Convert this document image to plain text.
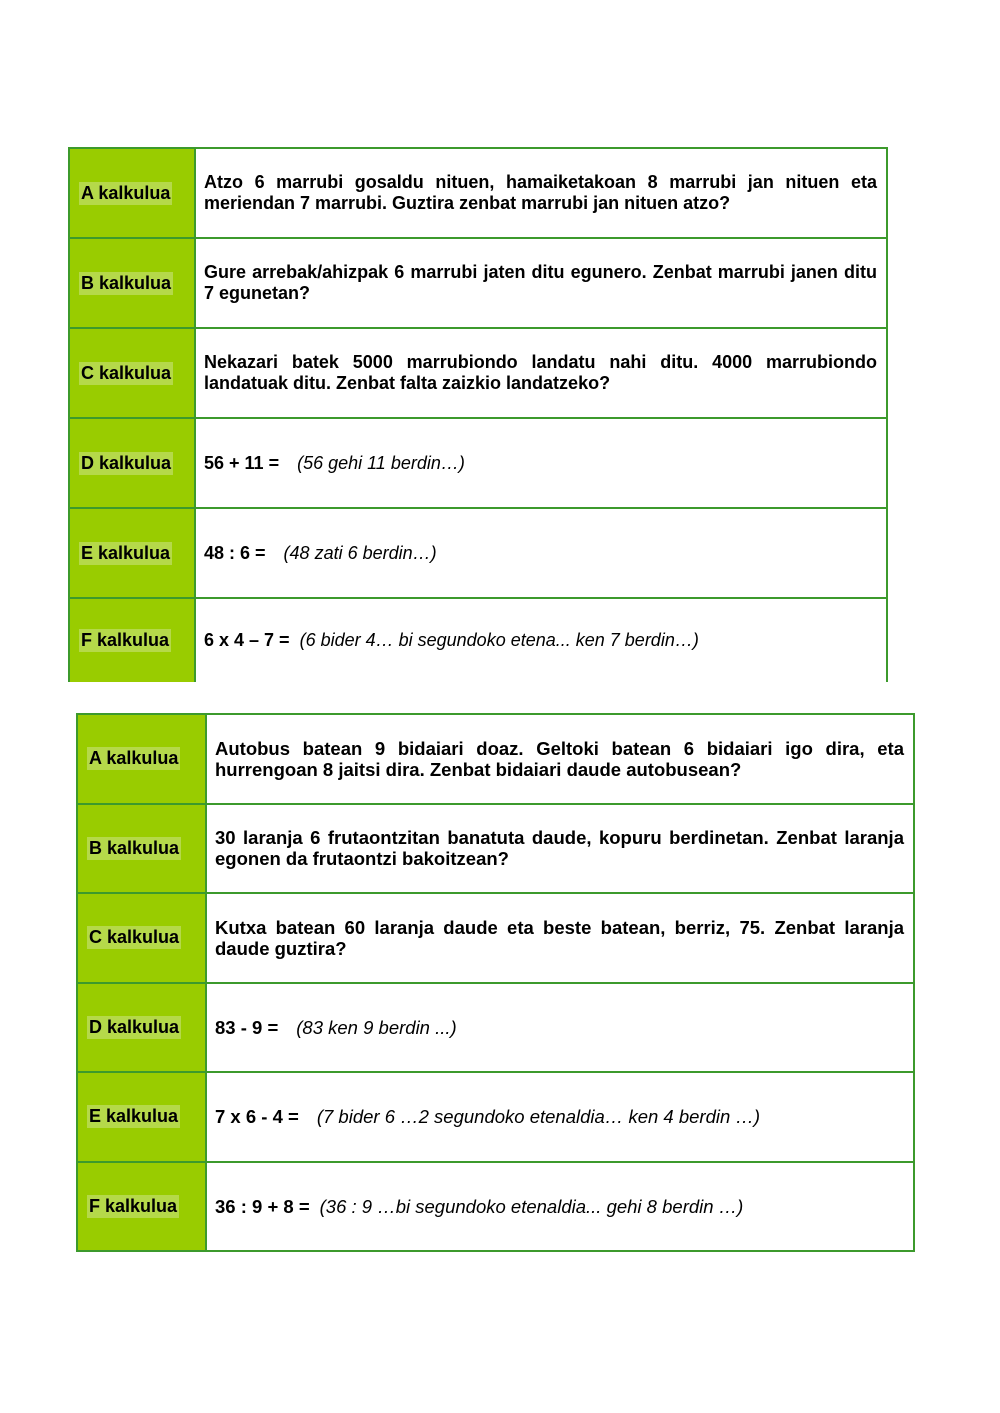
A kalkulua	Atzo 6 marrubi gosaldu nituen, hamaiketakoan 8 marrubi jan nituen eta meriendan 7 marrubi. Guztira zenbat marrubi jan nituen atzo?

B kalkulua	Gure arrebak/ahizpak 6 marrubi jaten ditu egunero. Zenbat marrubi janen ditu 7 egunetan?

C kalkulua	Nekazari batek 5000 marrubiondo landatu nahi ditu. 4000 marrubiondo landatuak ditu. Zenbat falta zaizkio landatzeko?

D kalkulua	56 + 11 = (56 gehi 11 berdin…)
E kalkulua	48 : 6 = (48 zati 6 berdin…)
F kalkulua	6 x 4 – 7 = (6 bider 4… bi segundoko etena... ken 7 berdin…)
A kalkulua	Autobus batean 9 bidaiari doaz. Geltoki batean 6 bidaiari igo dira, eta hurrengoan 8 jaitsi dira. Zenbat bidaiari daude autobusean?

B kalkulua	30 laranja 6 frutaontzitan banatuta daude, kopuru berdinetan. Zenbat laranja egonen da frutaontzi bakoitzean?

C kalkulua	Kutxa batean 60 laranja daude eta beste batean, berriz, 75. Zenbat laranja daude guztira?

D kalkulua	83 - 9 = (83 ken 9 berdin ...)
E kalkulua	7 x 6 - 4 = (7 bider 6 …2 segundoko etenaldia… ken 4 berdin …)
F kalkulua	36 : 9 + 8 = (36 : 9 …bi segundoko etenaldia... gehi 8 berdin …)
